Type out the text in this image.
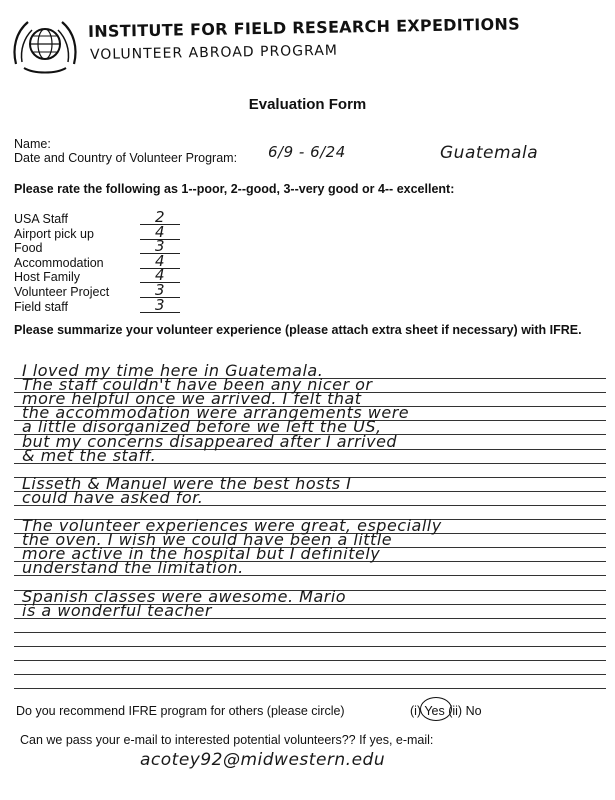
INSTITUTE FOR FIELD RESEARCH EXPEDITIONS
VOLUNTEER ABROAD PROGRAM
Evaluation Form
Name:
Date and Country of Volunteer Program: 6/9 - 6/24	Guatemala
Please rate the following as 1--poor, 2--good, 3--very good or 4-- excellent:
USA Staff	2
Airport pick up	4
Food	3
Accommodation	4
Host Family	4
Volunteer Project	3
Field staff	3
Please summarize your volunteer experience (please attach extra sheet if necessary) with IFRE.
I loved my time here in Guatemala.
The staff couldn't have been any nicer or
more helpful once we arrived. I felt that
the accommodation were arrangements were
a little disorganized before we left the US,
but my concerns disappeared after I arrived
& met the staff.
Lisseth & Manuel were the best hosts I
could have asked for.
The volunteer experiences were great, especially
the oven. I wish we could have been a little
more active in the hospital but I definitely
understand the limitation.
Spanish classes were awesome. Mario
is a wonderful teacher
Do you recommend IFRE program for others (please circle)	(i) Yes (ii) No
Can we pass your e-mail to interested potential volunteers?? If yes, e-mail:
acotey92@midwestern.edu
